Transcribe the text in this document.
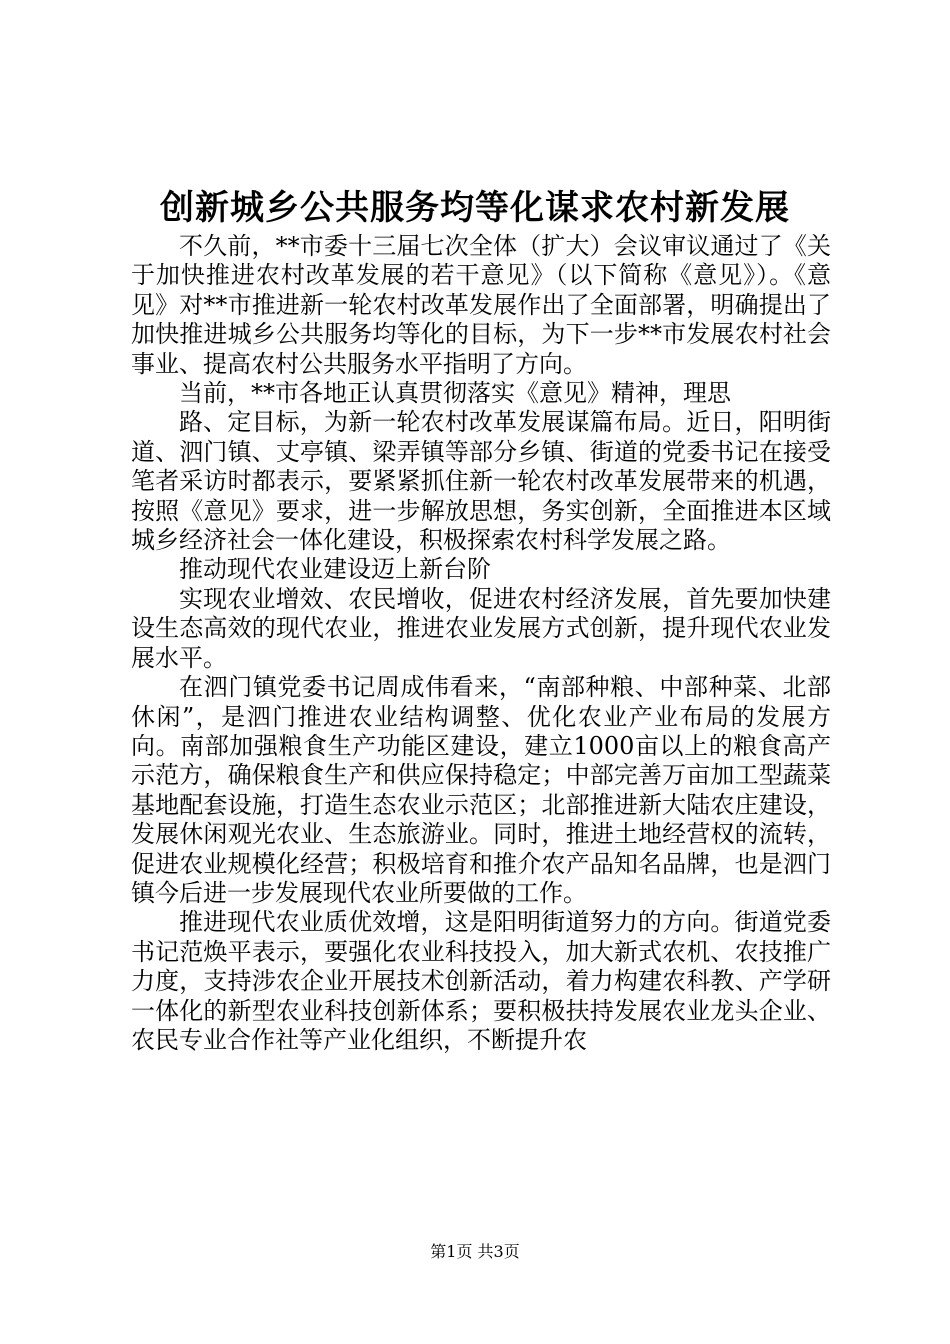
创新城乡公共服务均等化谋求农村新发展

不久前，**市委十三届七次全体（扩大）会议审议通过了《关于加快推进农村改革发展的若干意见》（以下简称《意见》）。《意见》对**市推进新一轮农村改革发展作出了全面部署，明确提出了加快推进城乡公共服务均等化的目标，为下一步**市发展农村社会事业、提高农村公共服务水平指明了方向。

当前，**市各地正认真贯彻落实《意见》精神，理思

路、定目标，为新一轮农村改革发展谋篇布局。近日，阳明街道、泗门镇、丈亭镇、梁弄镇等部分乡镇、街道的党委书记在接受笔者采访时都表示，要紧紧抓住新一轮农村改革发展带来的机遇，按照《意见》要求，进一步解放思想，务实创新，全面推进本区域城乡经济社会一体化建设，积极探索农村科学发展之路。

推动现代农业建设迈上新台阶

实现农业增效、农民增收，促进农村经济发展，首先要加快建设生态高效的现代农业，推进农业发展方式创新，提升现代农业发展水平。

在泗门镇党委书记周成伟看来，“南部种粮、中部种菜、北部休闲”，是泗门推进农业结构调整、优化农业产业布局的发展方向。南部加强粮食生产功能区建设，建立1000亩以上的粮食高产示范方，确保粮食生产和供应保持稳定；中部完善万亩加工型蔬菜基地配套设施，打造生态农业示范区；北部推进新大陆农庄建设，发展休闲观光农业、生态旅游业。同时，推进土地经营权的流转，促进农业规模化经营；积极培育和推介农产品知名品牌，也是泗门镇今后进一步发展现代农业所要做的工作。

推进现代农业质优效增，这是阳明街道努力的方向。街道党委书记范焕平表示，要强化农业科技投入，加大新式农机、农技推广力度，支持涉农企业开展技术创新活动，着力构建农科教、产学研一体化的新型农业科技创新体系；要积极扶持发展农业龙头企业、农民专业合作社等产业化组织，不断提升农

第1页 共3页
